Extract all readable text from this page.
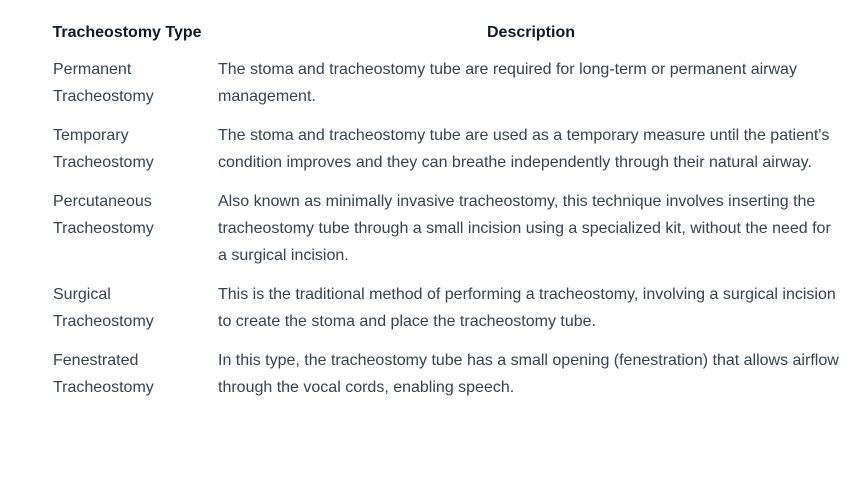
Tracheostomy Type	Description
Permanent Tracheostomy	The stoma and tracheostomy tube are required for long-term or permanent airway management.
Temporary Tracheostomy	The stoma and tracheostomy tube are used as a temporary measure until the patient's condition improves and they can breathe independently through their natural airway.
Percutaneous Tracheostomy	Also known as minimally invasive tracheostomy, this technique involves inserting the tracheostomy tube through a small incision using a specialized kit, without the need for a surgical incision.
Surgical Tracheostomy	This is the traditional method of performing a tracheostomy, involving a surgical incision to create the stoma and place the tracheostomy tube.
Fenestrated Tracheostomy	In this type, the tracheostomy tube has a small opening (fenestration) that allows airflow through the vocal cords, enabling speech.
